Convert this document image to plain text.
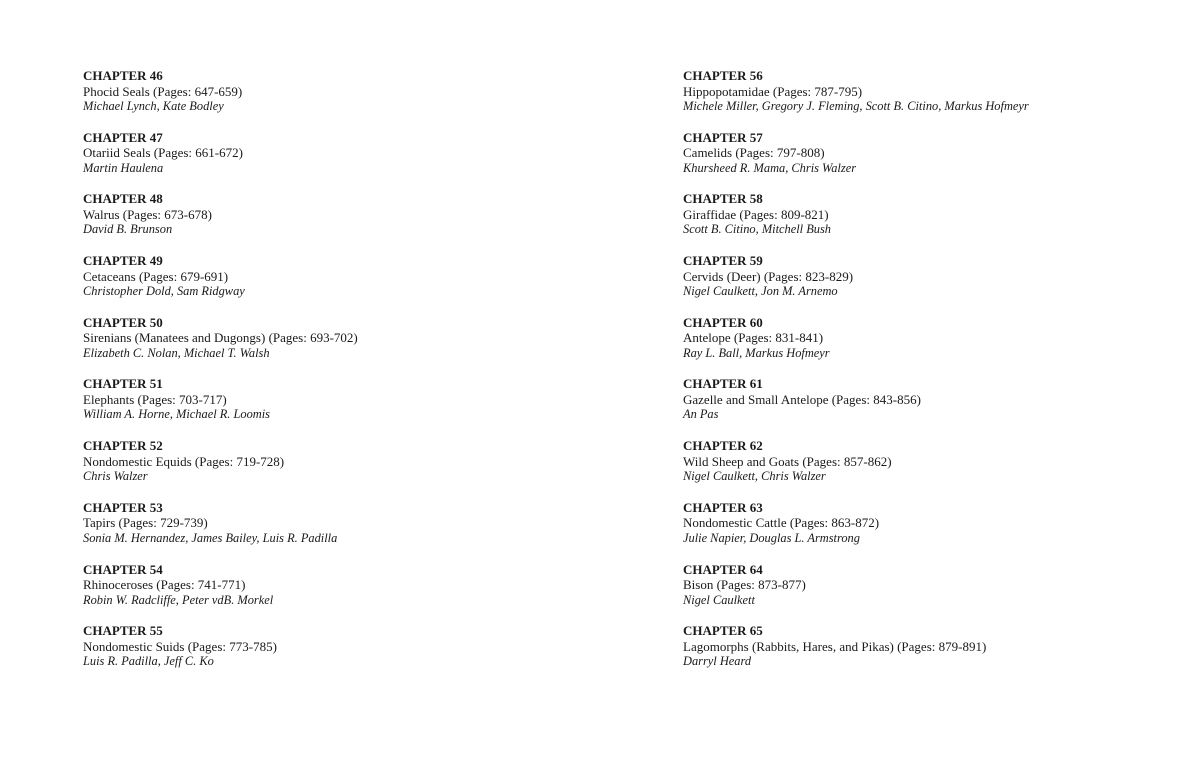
CHAPTER 46
Phocid Seals (Pages: 647-659)
Michael Lynch, Kate Bodley
CHAPTER 47
Otariid Seals (Pages: 661-672)
Martin Haulena
CHAPTER 48
Walrus (Pages: 673-678)
David B. Brunson
CHAPTER 49
Cetaceans (Pages: 679-691)
Christopher Dold, Sam Ridgway
CHAPTER 50
Sirenians (Manatees and Dugongs) (Pages: 693-702)
Elizabeth C. Nolan, Michael T. Walsh
CHAPTER 51
Elephants (Pages: 703-717)
William A. Horne, Michael R. Loomis
CHAPTER 52
Nondomestic Equids (Pages: 719-728)
Chris Walzer
CHAPTER 53
Tapirs (Pages: 729-739)
Sonia M. Hernandez, James Bailey, Luis R. Padilla
CHAPTER 54
Rhinoceroses (Pages: 741-771)
Robin W. Radcliffe, Peter vdB. Morkel
CHAPTER 55
Nondomestic Suids (Pages: 773-785)
Luis R. Padilla, Jeff C. Ko
CHAPTER 56
Hippopotamidae (Pages: 787-795)
Michele Miller, Gregory J. Fleming, Scott B. Citino, Markus Hofmeyr
CHAPTER 57
Camelids (Pages: 797-808)
Khursheed R. Mama, Chris Walzer
CHAPTER 58
Giraffidae (Pages: 809-821)
Scott B. Citino, Mitchell Bush
CHAPTER 59
Cervids (Deer) (Pages: 823-829)
Nigel Caulkett, Jon M. Arnemo
CHAPTER 60
Antelope (Pages: 831-841)
Ray L. Ball, Markus Hofmeyr
CHAPTER 61
Gazelle and Small Antelope (Pages: 843-856)
An Pas
CHAPTER 62
Wild Sheep and Goats (Pages: 857-862)
Nigel Caulkett, Chris Walzer
CHAPTER 63
Nondomestic Cattle (Pages: 863-872)
Julie Napier, Douglas L. Armstrong
CHAPTER 64
Bison (Pages: 873-877)
Nigel Caulkett
CHAPTER 65
Lagomorphs (Rabbits, Hares, and Pikas) (Pages: 879-891)
Darryl Heard
